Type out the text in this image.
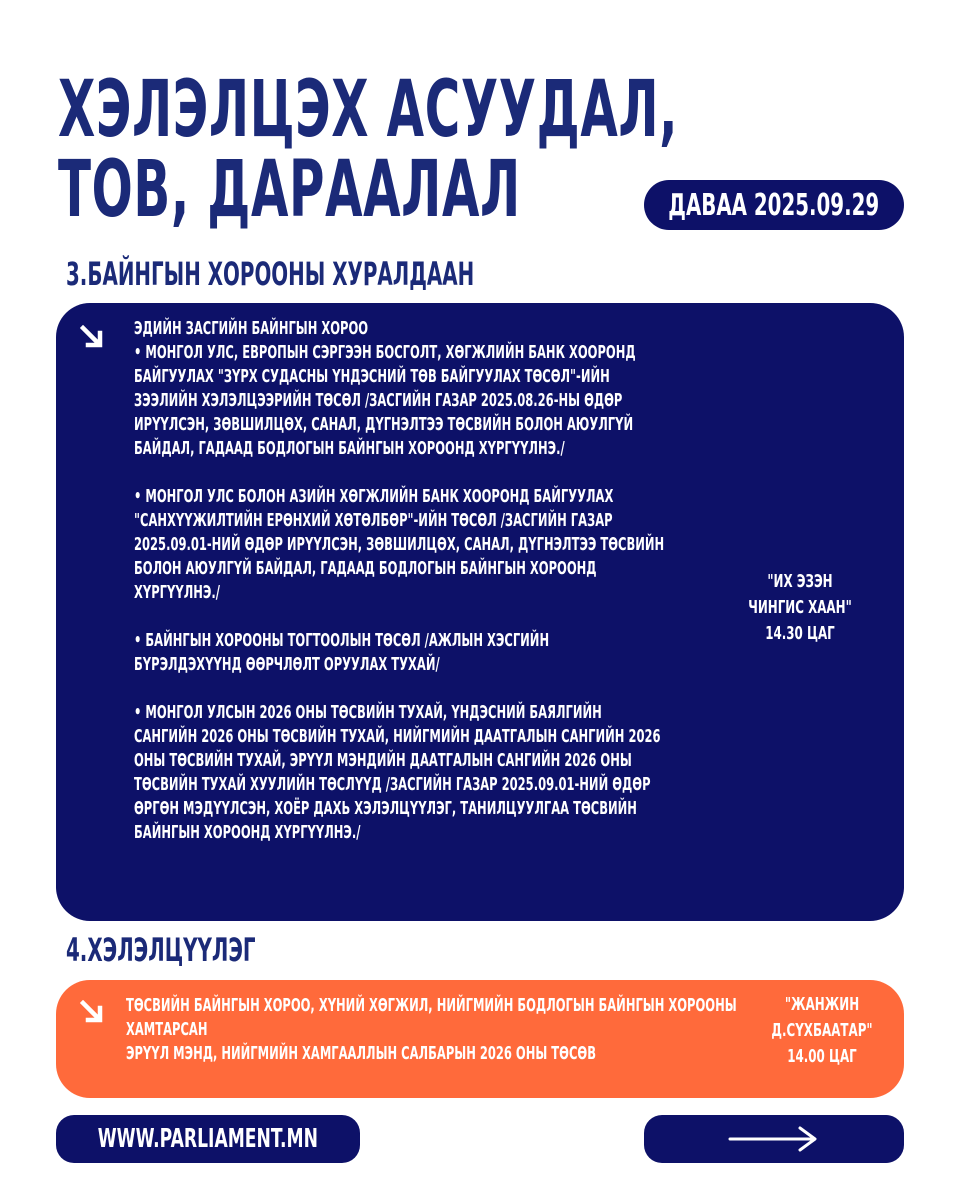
ХЭЛЭЛЦЭХ АСУУДАЛ,
ТОВ, ДАРААЛАЛ	ДАВАА 2025.09.29
3.БАЙНГЫН ХОРООНЫ ХУРАЛДААН
ЭДИЙН ЗАСГИЙН БАЙНГЫН ХОРОО
• МОНГОЛ УЛС, ЕВРОПЫН СЭРГЭЭН БОСГОЛТ, ХӨГЖЛИЙН БАНК ХООРОНД
БАЙГУУЛАХ "ЗҮРХ СУДАСНЫ ҮНДЭСНИЙ ТӨВ БАЙГУУЛАХ ТӨСӨЛ"-ИЙН
ЗЭЭЛИЙН ХЭЛЭЛЦЭЭРИЙН ТӨСӨЛ /ЗАСГИЙН ГАЗАР 2025.08.26-НЫ ӨДӨР
ИРҮҮЛСЭН, ЗӨВШИЛЦӨХ, САНАЛ, ДҮГНЭЛТЭЭ ТӨСВИЙН БОЛОН АЮУЛГҮЙ
БАЙДАЛ, ГАДААД БОДЛОГЫН БАЙНГЫН ХОРООНД ХҮРГҮҮЛНЭ./
• МОНГОЛ УЛС БОЛОН АЗИЙН ХӨГЖЛИЙН БАНК ХООРОНД БАЙГУУЛАХ
"САНХҮҮЖИЛТИЙН ЕРӨНХИЙ ХӨТӨЛБӨР"-ИЙН ТӨСӨЛ /ЗАСГИЙН ГАЗАР
2025.09.01-НИЙ ӨДӨР ИРҮҮЛСЭН, ЗӨВШИЛЦӨХ, САНАЛ, ДҮГНЭЛТЭЭ ТӨСВИЙН
БОЛОН АЮУЛГҮЙ БАЙДАЛ, ГАДААД БОДЛОГЫН БАЙНГЫН ХОРООНД
ХҮРГҮҮЛНЭ./
• БАЙНГЫН ХОРООНЫ ТОГТООЛЫН ТӨСӨЛ /АЖЛЫН ХЭСГИЙН
БҮРЭЛДЭХҮҮНД ӨӨРЧЛӨЛТ ОРУУЛАХ ТУХАЙ/
• МОНГОЛ УЛСЫН 2026 ОНЫ ТӨСВИЙН ТУХАЙ, ҮНДЭСНИЙ БАЯЛГИЙН
САНГИЙН 2026 ОНЫ ТӨСВИЙН ТУХАЙ, НИЙГМИЙН ДААТГАЛЫН САНГИЙН 2026
ОНЫ ТӨСВИЙН ТУХАЙ, ЭРҮҮЛ МЭНДИЙН ДААТГАЛЫН САНГИЙН 2026 ОНЫ
ТӨСВИЙН ТУХАЙ ХУУЛИЙН ТӨСЛҮҮД /ЗАСГИЙН ГАЗАР 2025.09.01-НИЙ ӨДӨР
ӨРГӨН МЭДҮҮЛСЭН, ХОЁР ДАХЬ ХЭЛЭЛЦҮҮЛЭГ, ТАНИЛЦУУЛГАА ТӨСВИЙН
БАЙНГЫН ХОРООНД ХҮРГҮҮЛНЭ./
"ИХ ЭЗЭН
ЧИНГИС ХААН"
14.30 ЦАГ
4.ХЭЛЭЛЦҮҮЛЭГ
ТӨСВИЙН БАЙНГЫН ХОРОО, ХҮНИЙ ХӨГЖИЛ, НИЙГМИЙН БОДЛОГЫН БАЙНГЫН ХОРООНЫ
ХАМТАРСАН
ЭРҮҮЛ МЭНД, НИЙГМИЙН ХАМГААЛЛЫН САЛБАРЫН 2026 ОНЫ ТӨСӨВ
"ЖАНЖИН
Д.СҮХБААТАР"
14.00 ЦАГ
WWW.PARLIAMENT.MN
